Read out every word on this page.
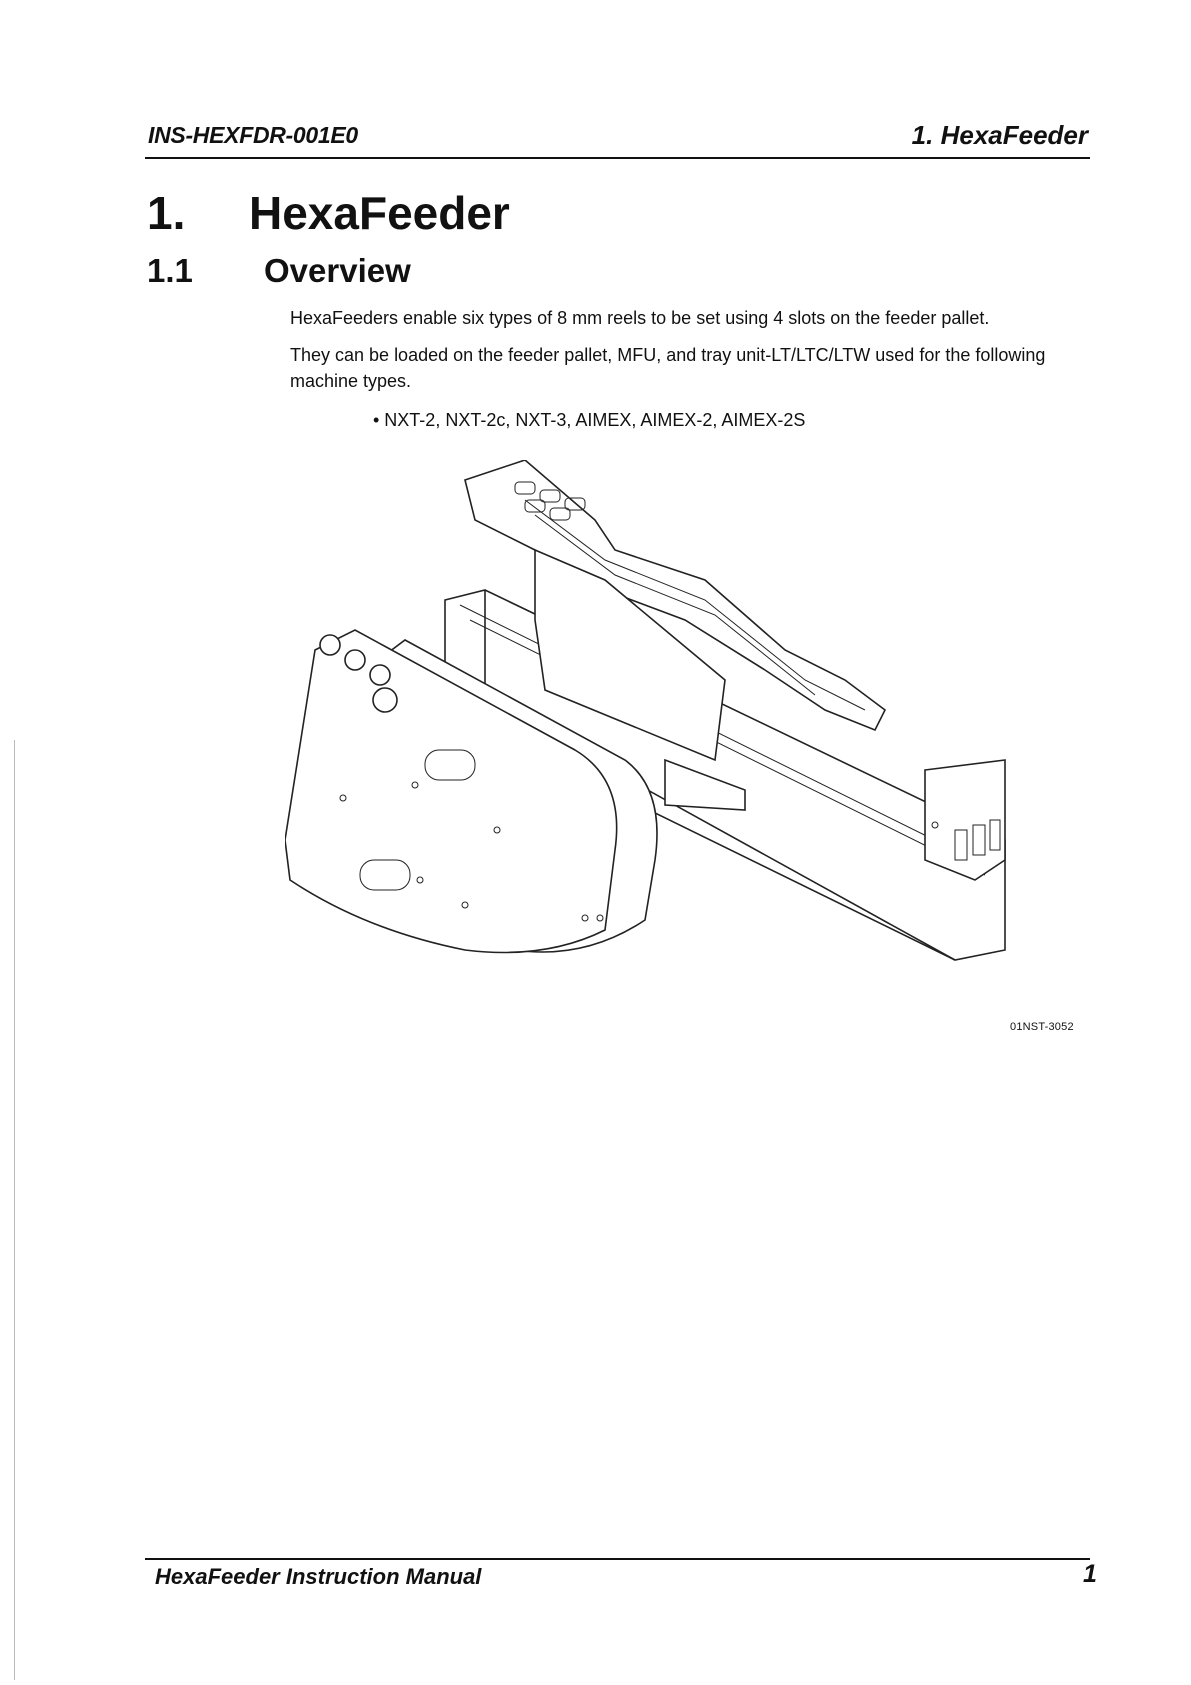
INS-HEXFDR-001E0	1. HexaFeeder
1. HexaFeeder
1.1 Overview
HexaFeeders enable six types of 8 mm reels to be set using 4 slots on the feeder pallet.
They can be loaded on the feeder pallet, MFU, and tray unit-LT/LTC/LTW used for the following machine types.
• NXT-2, NXT-2c, NXT-3, AIMEX, AIMEX-2, AIMEX-2S
01NST-3052
HexaFeeder Instruction Manual	1
